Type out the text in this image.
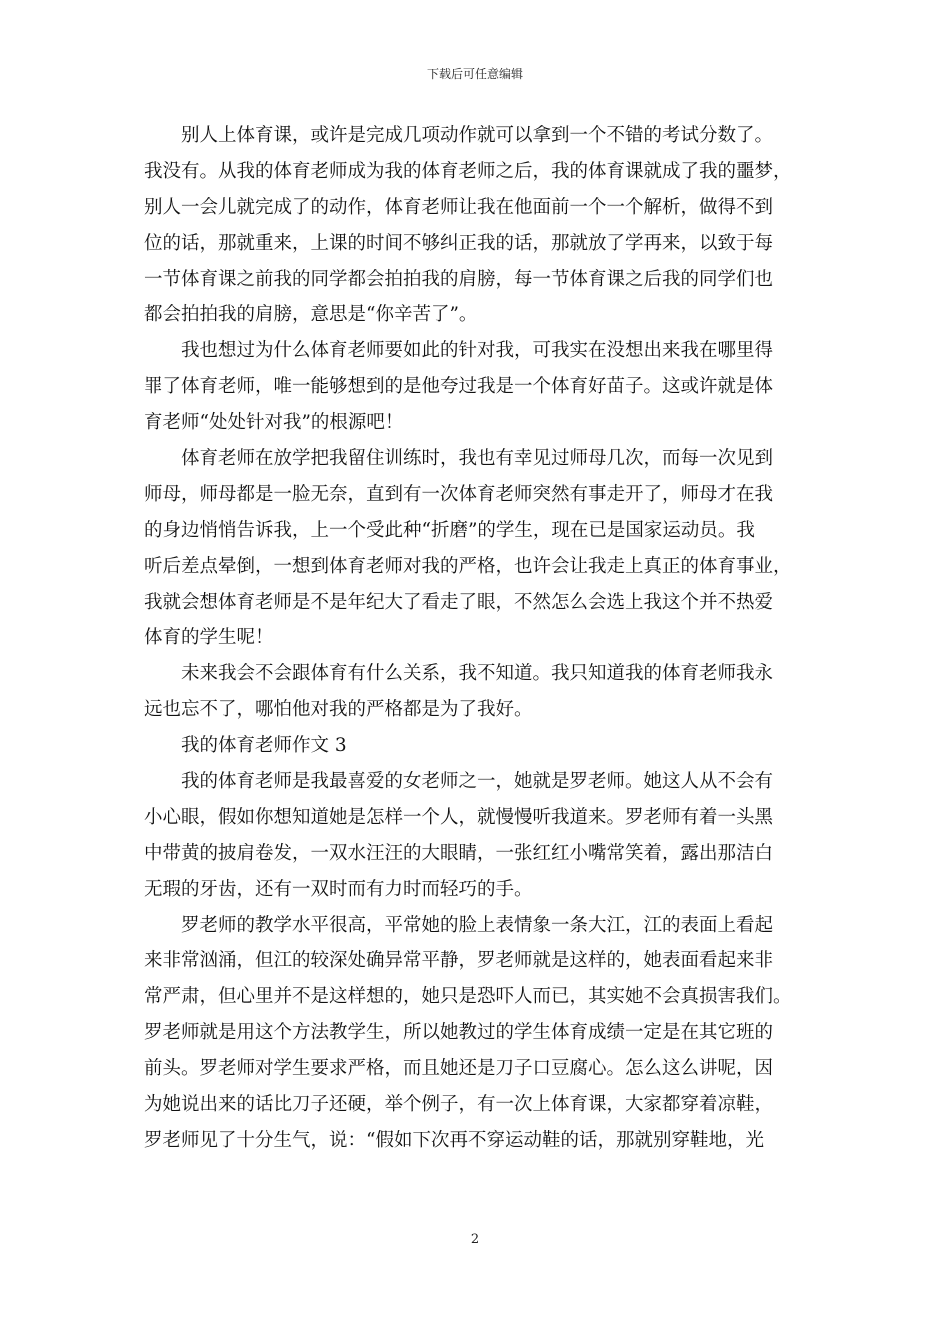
下载后可任意编辑
别人上体育课，或许是完成几项动作就可以拿到一个不错的考试分数了。
我没有。从我的体育老师成为我的体育老师之后，我的体育课就成了我的噩梦，
别人一会儿就完成了的动作，体育老师让我在他面前一个一个解析，做得不到
位的话，那就重来，上课的时间不够纠正我的话，那就放了学再来，以致于每
一节体育课之前我的同学都会拍拍我的肩膀，每一节体育课之后我的同学们也
都会拍拍我的肩膀，意思是“你辛苦了”。
我也想过为什么体育老师要如此的针对我，可我实在没想出来我在哪里得
罪了体育老师，唯一能够想到的是他夸过我是一个体育好苗子。这或许就是体
育老师“处处针对我”的根源吧！
体育老师在放学把我留住训练时，我也有幸见过师母几次，而每一次见到
师母，师母都是一脸无奈，直到有一次体育老师突然有事走开了，师母才在我
的身边悄悄告诉我，上一个受此种“折磨”的学生，现在已是国家运动员。我
听后差点晕倒，一想到体育老师对我的严格，也许会让我走上真正的体育事业，
我就会想体育老师是不是年纪大了看走了眼，不然怎么会选上我这个并不热爱
体育的学生呢！
未来我会不会跟体育有什么关系，我不知道。我只知道我的体育老师我永
远也忘不了，哪怕他对我的严格都是为了我好。
我的体育老师作文 3
我的体育老师是我最喜爱的女老师之一，她就是罗老师。她这人从不会有
小心眼，假如你想知道她是怎样一个人，就慢慢听我道来。罗老师有着一头黑
中带黄的披肩卷发，一双水汪汪的大眼睛，一张红红小嘴常笑着，露出那洁白
无瑕的牙齿，还有一双时而有力时而轻巧的手。
罗老师的教学水平很高，平常她的脸上表情象一条大江，江的表面上看起
来非常汹涌，但江的较深处确异常平静，罗老师就是这样的，她表面看起来非
常严肃，但心里并不是这样想的，她只是恐吓人而已，其实她不会真损害我们。
罗老师就是用这个方法教学生，所以她教过的学生体育成绩一定是在其它班的
前头。罗老师对学生要求严格，而且她还是刀子口豆腐心。怎么这么讲呢，因
为她说出来的话比刀子还硬，举个例子，有一次上体育课，大家都穿着凉鞋，
罗老师见了十分生气，说：“假如下次再不穿运动鞋的话，那就别穿鞋地，光
2
